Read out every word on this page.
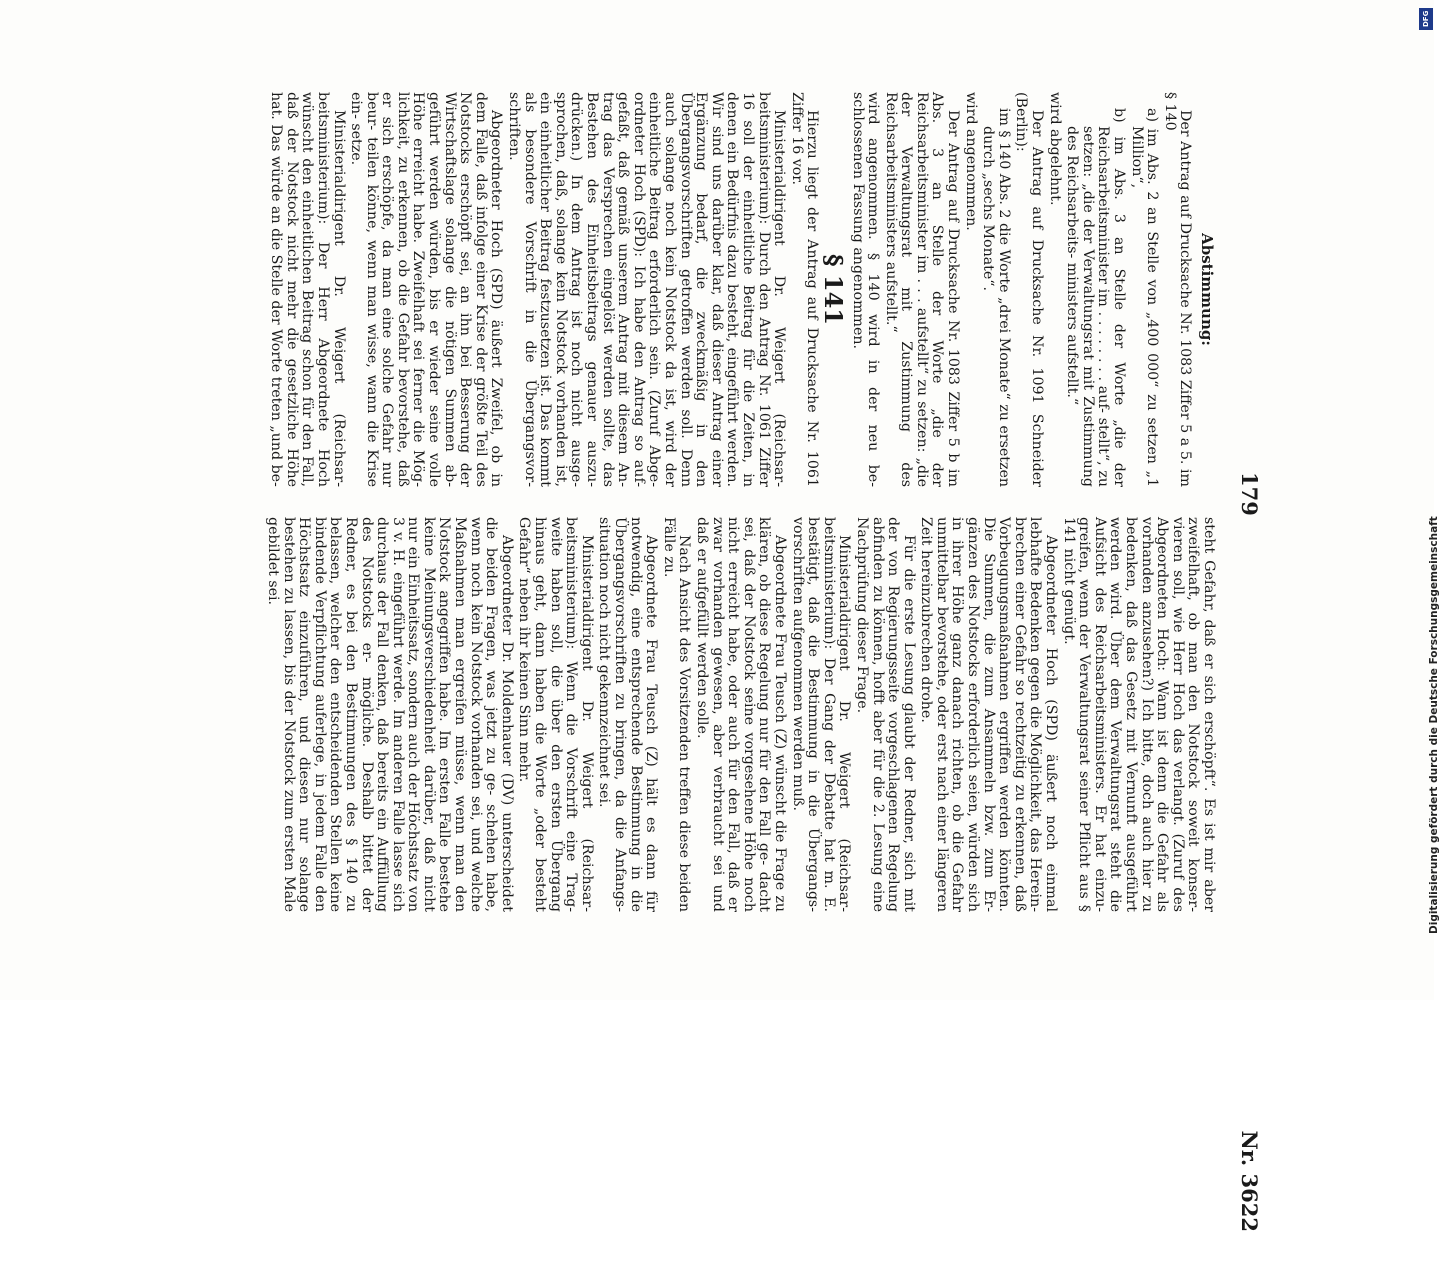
179
Nr. 3622

Abstimmung:

Der Antrag auf Drucksache Nr. 1083 Ziffer 5 a 5. im § 140

a) im Abs. 2 an Stelle von „400 000“ zu setzen „1 Million“,

b) im Abs. 3 an Stelle der Worte „die der Reichsarbeitsminister im . . . . . . . . auf- stellt“, zu setzen: „die der Verwaltungsrat mit Zustimmung des Reichsarbeits- ministers aufstellt.“

wird abgelehnt.

Der Antrag auf Drucksache Nr. 1091 Schneider (Berlin):

im § 140 Abs. 2 die Worte „drei Monate“ zu ersetzen durch „sechs Monate“.

wird angenommen.

Der Antrag auf Drucksache Nr. 1083 Ziffer 5 b im Abs. 3 an Stelle der Worte „die der Reichsarbeitsminister im . . . aufstellt“ zu setzen: „die der Verwaltungsrat mit Zustimmung des Reichsarbeitsministers aufstellt.“

wird angenommen. § 140 wird in der neu be- schlossenen Fassung angenommen.

§ 141

Hierzu liegt der Antrag auf Drucksache Nr. 1061 Ziffer 16 vor.

Ministerialdirigent Dr. Weigert (Reichsar- beitsministerium): Durch den Antrag Nr. 1061 Ziffer 16 soll der einheitliche Beitrag für die Zeiten, in denen ein Bedürfnis dazu besteht, eingeführt werden. Wir sind uns darüber klar, daß dieser Antrag einer Ergänzung bedarf, die zweckmäßig in den Übergangsvorschriften getroffen werden soll. Denn auch solange noch kein Notstock da ist, wird der einheitliche Beitrag erforderlich sein. (Zuruf Abge- ordneter Hoch (SPD): Ich habe den Antrag so auf- gefaßt, daß gemäß unserem Antrag mit diesem An- trag das Versprechen eingelöst werden sollte, das Bestehen des Einheitsbeitrags genauer auszu- drücken.) In dem Antrag ist noch nicht ausge- sprochen, daß, solange kein Notstock vorhanden ist, ein einheitlicher Beitrag festzusetzen ist. Das kommt als besondere Vorschrift in die Übergangsvor- schriften.

Abgeordneter Hoch (SPD) äußert Zweifel, ob in dem Falle, daß infolge einer Krise der größte Teil des Notstocks erschöpft sei, an ihn bei Besserung der Wirtschaftslage solange die nötigen Summen ab- geführt werden würden, bis er wieder seine volle Höhe erreicht habe. Zweifelhaft sei ferner die Mög- lichkeit, zu erkennen, ob die Gefahr bevorstehe, daß er sich erschöpfe, da man eine solche Gefahr nur beur- teilen könne, wenn man wisse, wann die Krise ein- setze.

Ministerialdirigent Dr. Weigert (Reichsar- beitsministerium): Der Herr Abgeordnete Hoch wünscht den einheitlichen Beitrag schon für den Fall, daß der Notstock nicht mehr die gesetzliche Höhe hat. Das würde an die Stelle der Worte treten „und be-

steht Gefahr, daß er sich erschöpft“. Es ist mir aber zweifelhaft, ob man den Notstock soweit konser- vieren soll, wie Herr Hoch das verlangt. (Zuruf des Abgeordneten Hoch: Wann ist denn die Gefahr als vorhanden anzusehen?) Ich bitte, doch auch hier zu bedenken, daß das Gesetz mit Vernunft ausgeführt werden wird. Über dem Verwaltungsrat steht die Aufsicht des Reichsarbeitsministers. Er hat einzu- greifen, wenn der Verwaltungsrat seiner Pflicht aus § 141 nicht genügt.

Abgeordneter Hoch (SPD) äußert noch einmal lebhafte Bedenken gegen die Möglichkeit, das Herein- brechen einer Gefahr so rechtzeitig zu erkennen, daß Vorbeugungsmaßnahmen ergriffen werden könnten. Die Summen, die zum Ansammeln bzw. zum Er- gänzen des Notstocks erforderlich seien, würden sich in ihrer Höhe ganz danach richten, ob die Gefahr unmittelbar bevorstehe, oder erst nach einer längeren Zeit hereinzubrechen drohe.

Für die erste Lesung glaubt der Redner, sich mit der von Regierungsseite vorgeschlagenen Regelung abfinden zu können, hofft aber für die 2. Lesung eine Nachprüfung dieser Frage.

Ministerialdirigent Dr. Weigert (Reichsar- beitsministerium): Der Gang der Debatte hat m. E. bestätigt, daß die Bestimmung in die Übergangs- vorschriften aufgenommen werden muß.

Abgeordnete Frau Teusch (Z) wünscht die Frage zu klären, ob diese Regelung nur für den Fall ge- dacht sei, daß der Notstock seine vorgesehene Höhe noch nicht erreicht habe, oder auch für den Fall, daß er zwar vorhanden gewesen, aber verbraucht sei und daß er aufgefüllt werden solle.

Nach Ansicht des Vorsitzenden treffen diese beiden Fälle zu.

Abgeordnete Frau Teusch (Z) hält es dann für notwendig, eine entsprechende Bestimmung in die Übergangsvorschriften zu bringen, da die Anfangs- situation noch nicht gekennzeichnet sei.

Ministerialdirigent Dr. Weigert (Reichsar- beitsministerium): Wenn die Vorschrift eine Trag- weite haben soll, die über den ersten Übergang hinaus geht, dann haben die Worte „oder besteht Gefahr“ neben ihr keinen Sinn mehr.

Abgeordneter Dr. Moldenhauer (DV) unterscheidet die beiden Fragen, was jetzt zu ge- schehen habe, wenn noch kein Notstock vorhanden sei, und welche Maßnahmen man ergreifen müsse, wenn man den Notstock angegriffen habe. Im ersten Falle bestehe keine Meinungsverschiedenheit darüber, daß nicht nur ein Einheitssatz, sondern auch der Höchstsatz von 3 v. H. eingeführt werde. Im anderen Falle lasse sich durchaus der Fall denken, daß bereits ein Auffüllung des Notstocks er- mögliche. Deshalb bittet der Redner, es bei den Bestimmungen des § 140 zu belassen, welcher den entscheidenden Stellen keine bindende Verpflichtung auferlege, in jedem Falle den Höchstsatz einzuführen, und diesen nur solange bestehen zu lassen, bis der Notstock zum ersten Male gebildet sei.

DFG
Digitalisierung gefördert durch die Deutsche Forschungsgemeinschaft
